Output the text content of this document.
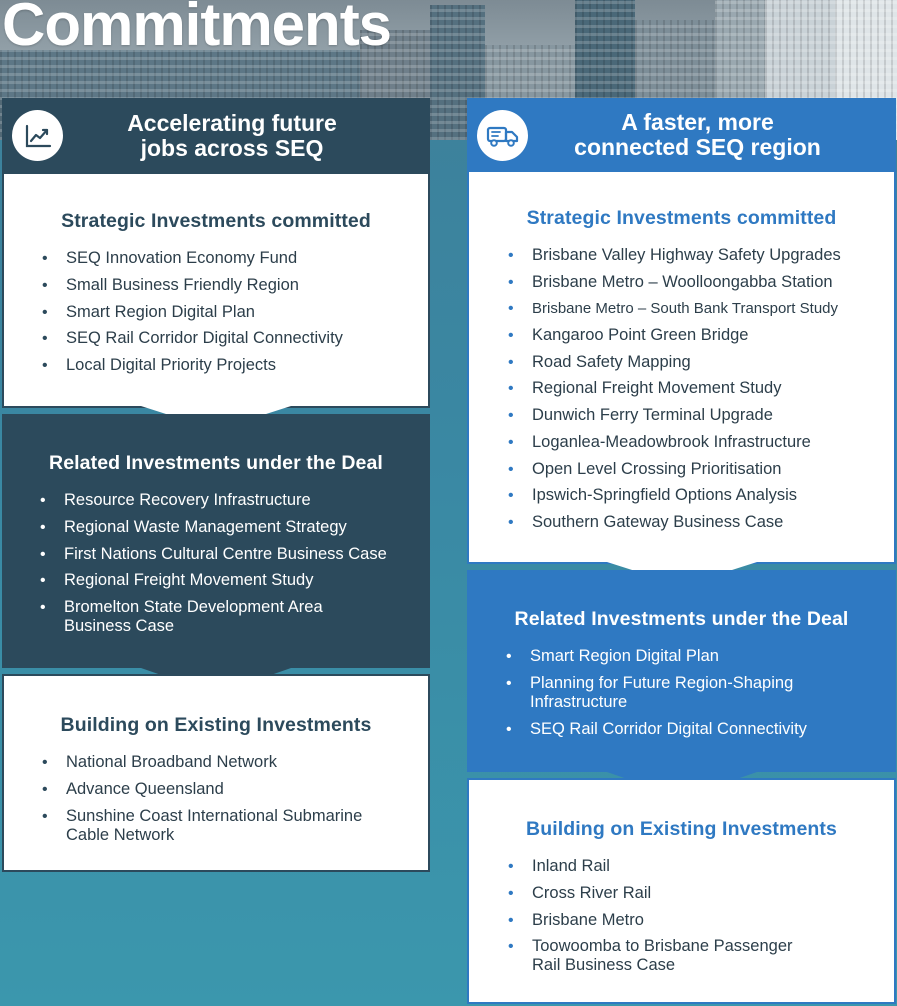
Commitments
Accelerating future
jobs across SEQ
Strategic Investments committed
• SEQ Innovation Economy Fund
• Small Business Friendly Region
• Smart Region Digital Plan
• SEQ Rail Corridor Digital Connectivity
• Local Digital Priority Projects
Related Investments under the Deal
• Resource Recovery Infrastructure
• Regional Waste Management Strategy
• First Nations Cultural Centre Business Case
• Regional Freight Movement Study
• Bromelton State Development Area Business Case
Building on Existing Investments
• National Broadband Network
• Advance Queensland
• Sunshine Coast International Submarine Cable Network
A faster, more
connected SEQ region
Strategic Investments committed
• Brisbane Valley Highway Safety Upgrades
• Brisbane Metro – Woolloongabba Station
• Brisbane Metro – South Bank Transport Study
• Kangaroo Point Green Bridge
• Road Safety Mapping
• Regional Freight Movement Study
• Dunwich Ferry Terminal Upgrade
• Loganlea-Meadowbrook Infrastructure
• Open Level Crossing Prioritisation
• Ipswich-Springfield Options Analysis
• Southern Gateway Business Case
Related Investments under the Deal
• Smart Region Digital Plan
• Planning for Future Region-Shaping Infrastructure
• SEQ Rail Corridor Digital Connectivity
Building on Existing Investments
• Inland Rail
• Cross River Rail
• Brisbane Metro
• Toowoomba to Brisbane Passenger Rail Business Case
